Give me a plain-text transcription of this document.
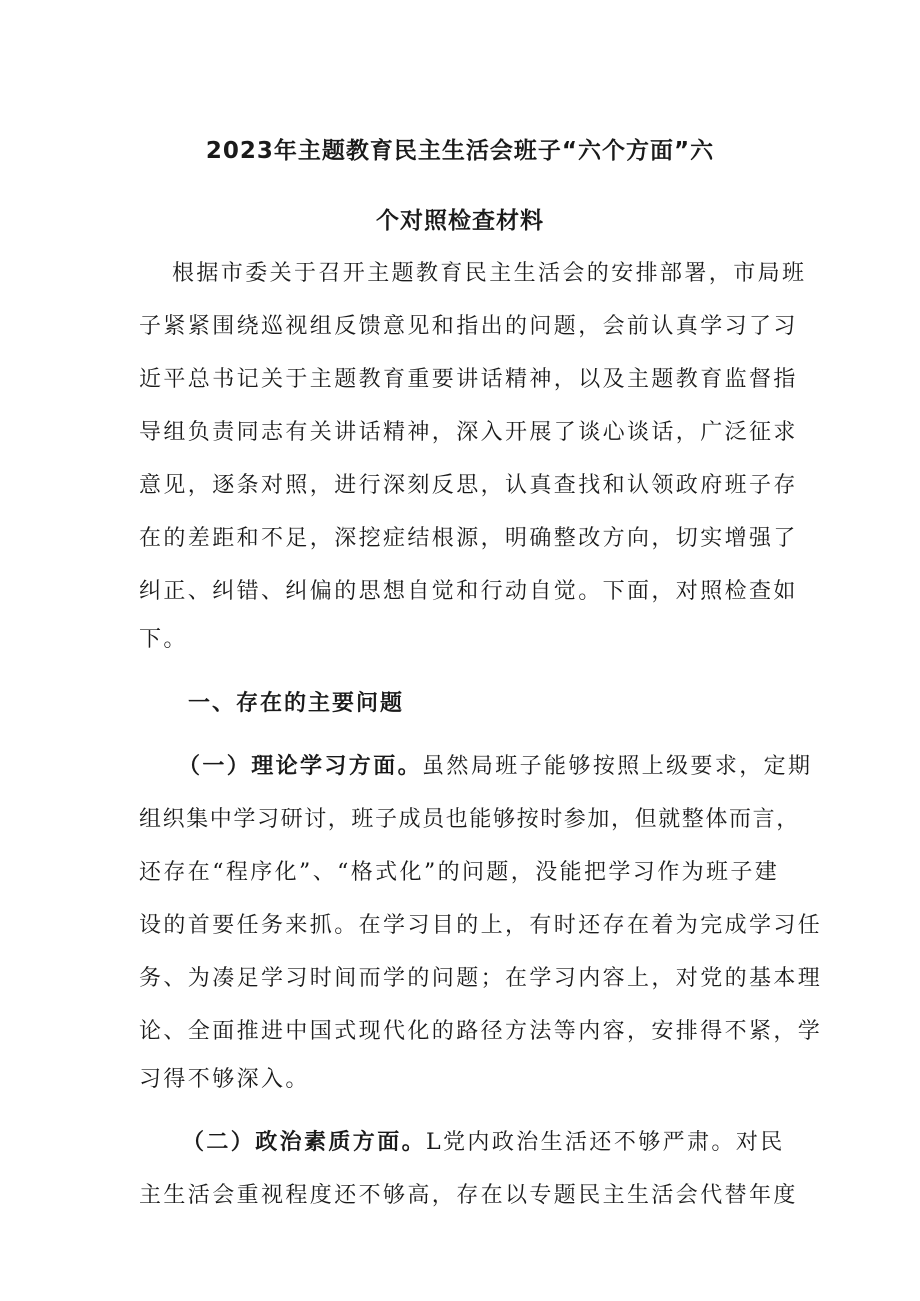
2023年主题教育民主生活会班子“六个方面”六
个对照检查材料
根据市委关于召开主题教育民主生活会的安排部署，市局班
子紧紧围绕巡视组反馈意见和指出的问题，会前认真学习了习
近平总书记关于主题教育重要讲话精神，以及主题教育监督指
导组负责同志有关讲话精神，深入开展了谈心谈话，广泛征求
意见，逐条对照，进行深刻反思，认真查找和认领政府班子存
在的差距和不足，深挖症结根源，明确整改方向，切实增强了
纠正、纠错、纠偏的思想自觉和行动自觉。下面，对照检查如
下。
一、存在的主要问题
（一）理论学习方面。虽然局班子能够按照上级要求，定期
组织集中学习研讨，班子成员也能够按时参加，但就整体而言，
还存在“程序化”、“格式化”的问题，没能把学习作为班子建
设的首要任务来抓。在学习目的上，有时还存在着为完成学习任
务、为凑足学习时间而学的问题；在学习内容上，对党的基本理
论、全面推进中国式现代化的路径方法等内容，安排得不紧，学
习得不够深入。
（二）政治素质方面。L党内政治生活还不够严肃。对民
主生活会重视程度还不够高，存在以专题民主生活会代替年度
